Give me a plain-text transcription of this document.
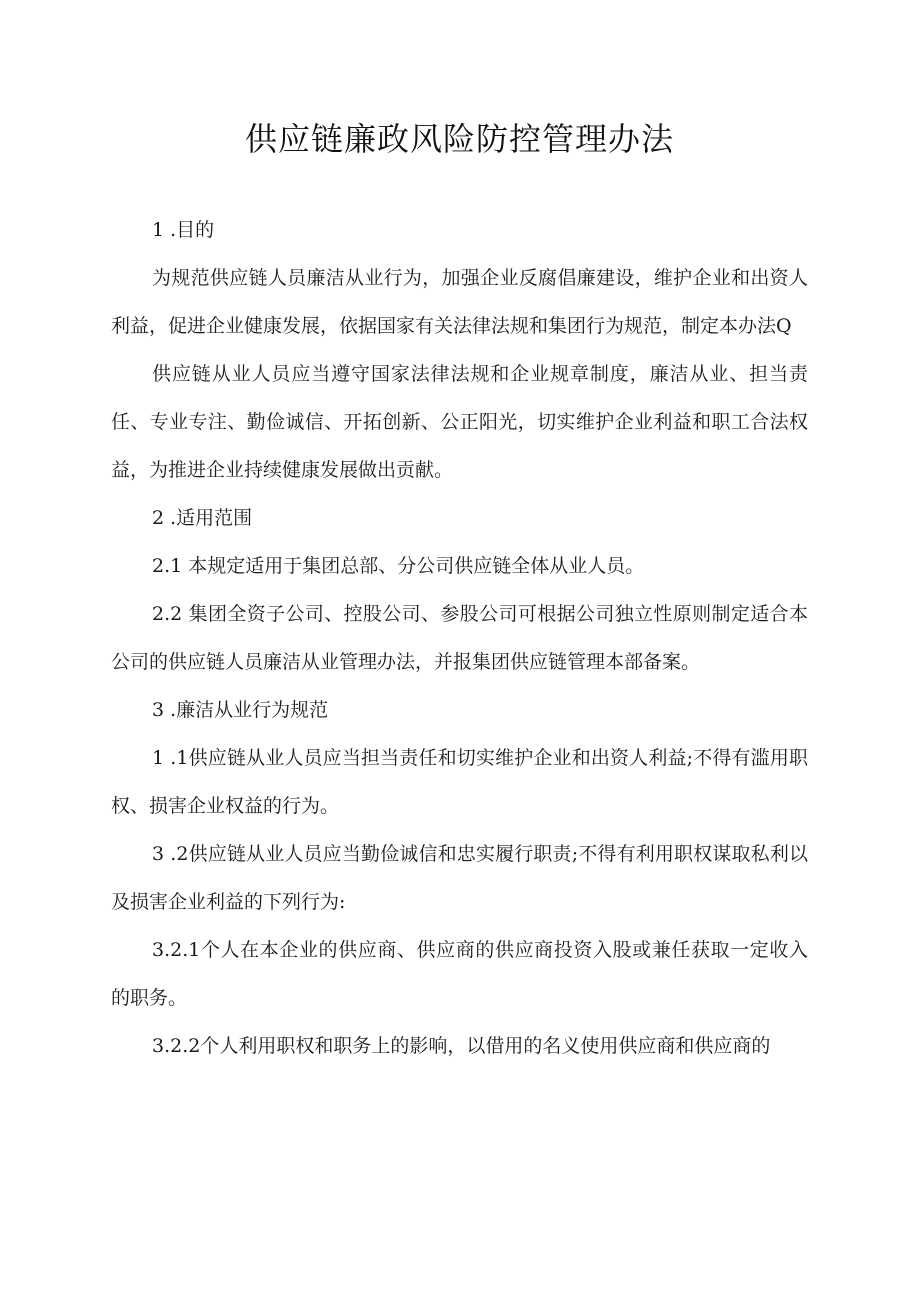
供应链廉政风险防控管理办法

1 .目的

为规范供应链人员廉洁从业行为，加强企业反腐倡廉建设，维护企业和出资人利益，促进企业健康发展，依据国家有关法律法规和集团行为规范，制定本办法Q

供应链从业人员应当遵守国家法律法规和企业规章制度，廉洁从业、担当责任、专业专注、勤俭诚信、开拓创新、公正阳光，切实维护企业利益和职工合法权益，为推进企业持续健康发展做出贡献。

2 .适用范围

2.1 本规定适用于集团总部、分公司供应链全体从业人员。

2.2 集团全资子公司、控股公司、参股公司可根据公司独立性原则制定适合本公司的供应链人员廉洁从业管理办法，并报集团供应链管理本部备案。

3 .廉洁从业行为规范

1 .1供应链从业人员应当担当责任和切实维护企业和出资人利益;不得有滥用职权、损害企业权益的行为。

3 .2供应链从业人员应当勤俭诚信和忠实履行职责;不得有利用职权谋取私利以及损害企业利益的下列行为:

3.2.1个人在本企业的供应商、供应商的供应商投资入股或兼任获取一定收入的职务。

3.2.2个人利用职权和职务上的影响，以借用的名义使用供应商和供应商的
